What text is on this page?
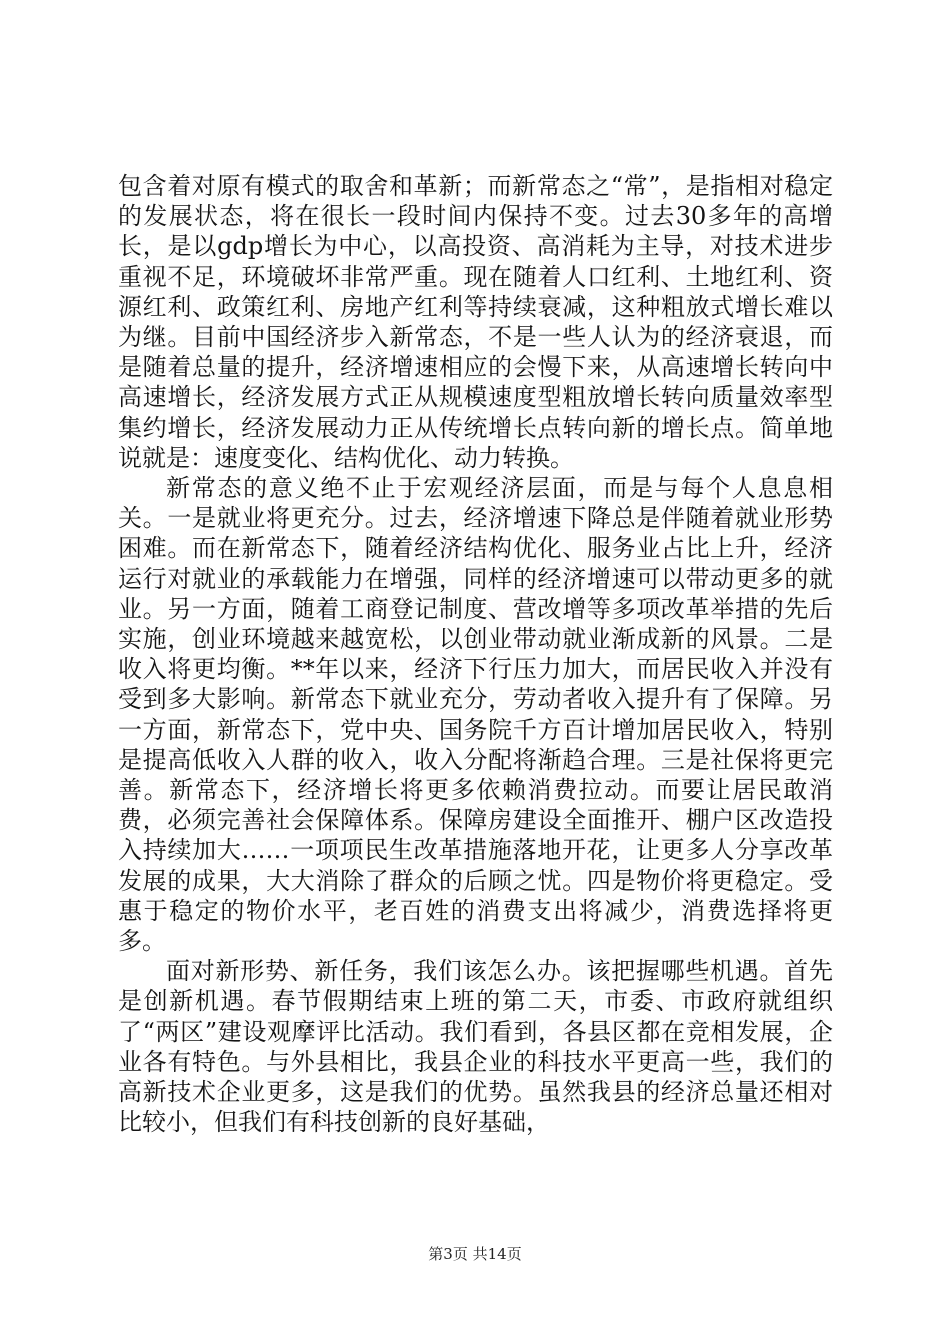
包含着对原有模式的取舍和革新；而新常态之“常”，是指相对稳定的发展状态，将在很长一段时间内保持不变。过去30多年的高增长，是以gdp增长为中心，以高投资、高消耗为主导，对技术进步重视不足，环境破坏非常严重。现在随着人口红利、土地红利、资源红利、政策红利、房地产红利等持续衰减，这种粗放式增长难以为继。目前中国经济步入新常态，不是一些人认为的经济衰退，而是随着总量的提升，经济增速相应的会慢下来，从高速增长转向中高速增长，经济发展方式正从规模速度型粗放增长转向质量效率型集约增长，经济发展动力正从传统增长点转向新的增长点。简单地说就是：速度变化、结构优化、动力转换。

新常态的意义绝不止于宏观经济层面，而是与每个人息息相关。一是就业将更充分。过去，经济增速下降总是伴随着就业形势困难。而在新常态下，随着经济结构优化、服务业占比上升，经济运行对就业的承载能力在增强，同样的经济增速可以带动更多的就业。另一方面，随着工商登记制度、营改增等多项改革举措的先后实施，创业环境越来越宽松，以创业带动就业渐成新的风景。二是收入将更均衡。**年以来，经济下行压力加大，而居民收入并没有受到多大影响。新常态下就业充分，劳动者收入提升有了保障。另一方面，新常态下，党中央、国务院千方百计增加居民收入，特别是提高低收入人群的收入，收入分配将渐趋合理。三是社保将更完善。新常态下，经济增长将更多依赖消费拉动。而要让居民敢消费，必须完善社会保障体系。保障房建设全面推开、棚户区改造投入持续加大……一项项民生改革措施落地开花，让更多人分享改革发展的成果，大大消除了群众的后顾之忧。四是物价将更稳定。受惠于稳定的物价水平，老百姓的消费支出将减少，消费选择将更多。

面对新形势、新任务，我们该怎么办。该把握哪些机遇。首先是创新机遇。春节假期结束上班的第二天，市委、市政府就组织了“两区”建设观摩评比活动。我们看到，各县区都在竞相发展，企业各有特色。与外县相比，我县企业的科技水平更高一些，我们的高新技术企业更多，这是我们的优势。虽然我县的经济总量还相对比较小，但我们有科技创新的良好基础，

第3页 共14页
